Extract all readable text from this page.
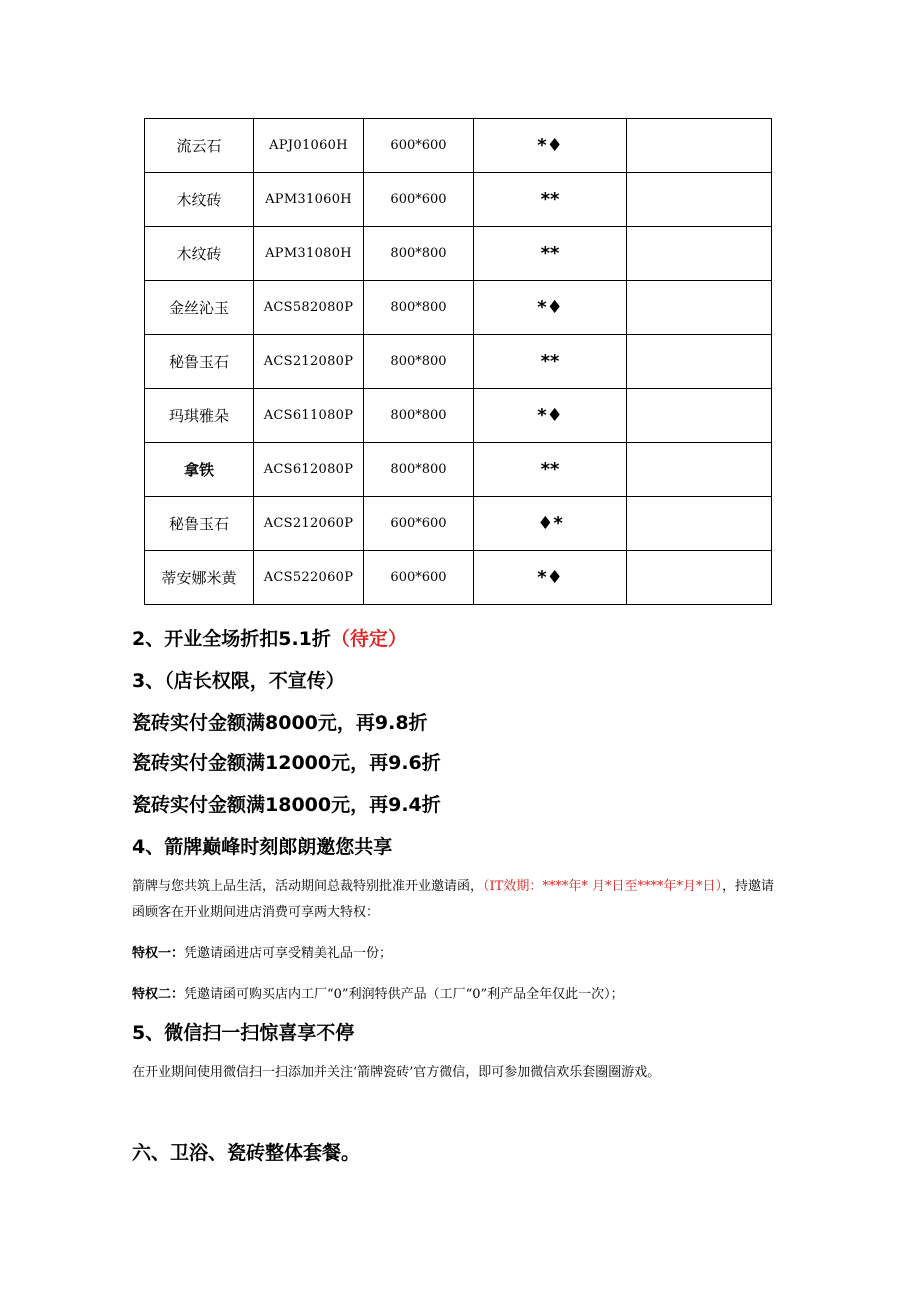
流云石	APJ01060H	600*600	*♦	
木纹砖	APM31060H	600*600	**	
木纹砖	APM31080H	800*800	**	
金丝沁玉	ACS582080P	800*800	*♦	
秘鲁玉石	ACS212080P	800*800	**	
玛琪雅朵	ACS611080P	800*800	*♦	
拿铁	ACS612080P	800*800	**	
秘鲁玉石	ACS212060P	600*600	♦*	
蒂安娜米黄	ACS522060P	600*600	*♦	
2、开业全场折扣5.1折（待定）
3、（店长权限，不宣传）
瓷砖实付金额满8000元，再9.8折
瓷砖实付金额满12000元，再9.6折
瓷砖实付金额满18000元，再9.4折
4、箭牌巅峰时刻郎朗邀您共享
箭牌与您共筑上品生活，活动期间总裁特别批准开业邀请函，（IT效期：****年* 月*日至****年*月*日），持邀请函顾客在开业期间进店消费可享两大特权：
特权一：凭邀请函进店可享受精美礼品一份；
特权二：凭邀请函可购买店内工厂“0”利润特供产品（工厂“0”利产品全年仅此一次）；
5、微信扫一扫惊喜享不停
在开业期间使用微信扫一扫添加并关注‘箭牌瓷砖’官方微信，即可参加微信欢乐套圈圈游戏。
六、卫浴、瓷砖整体套餐。
